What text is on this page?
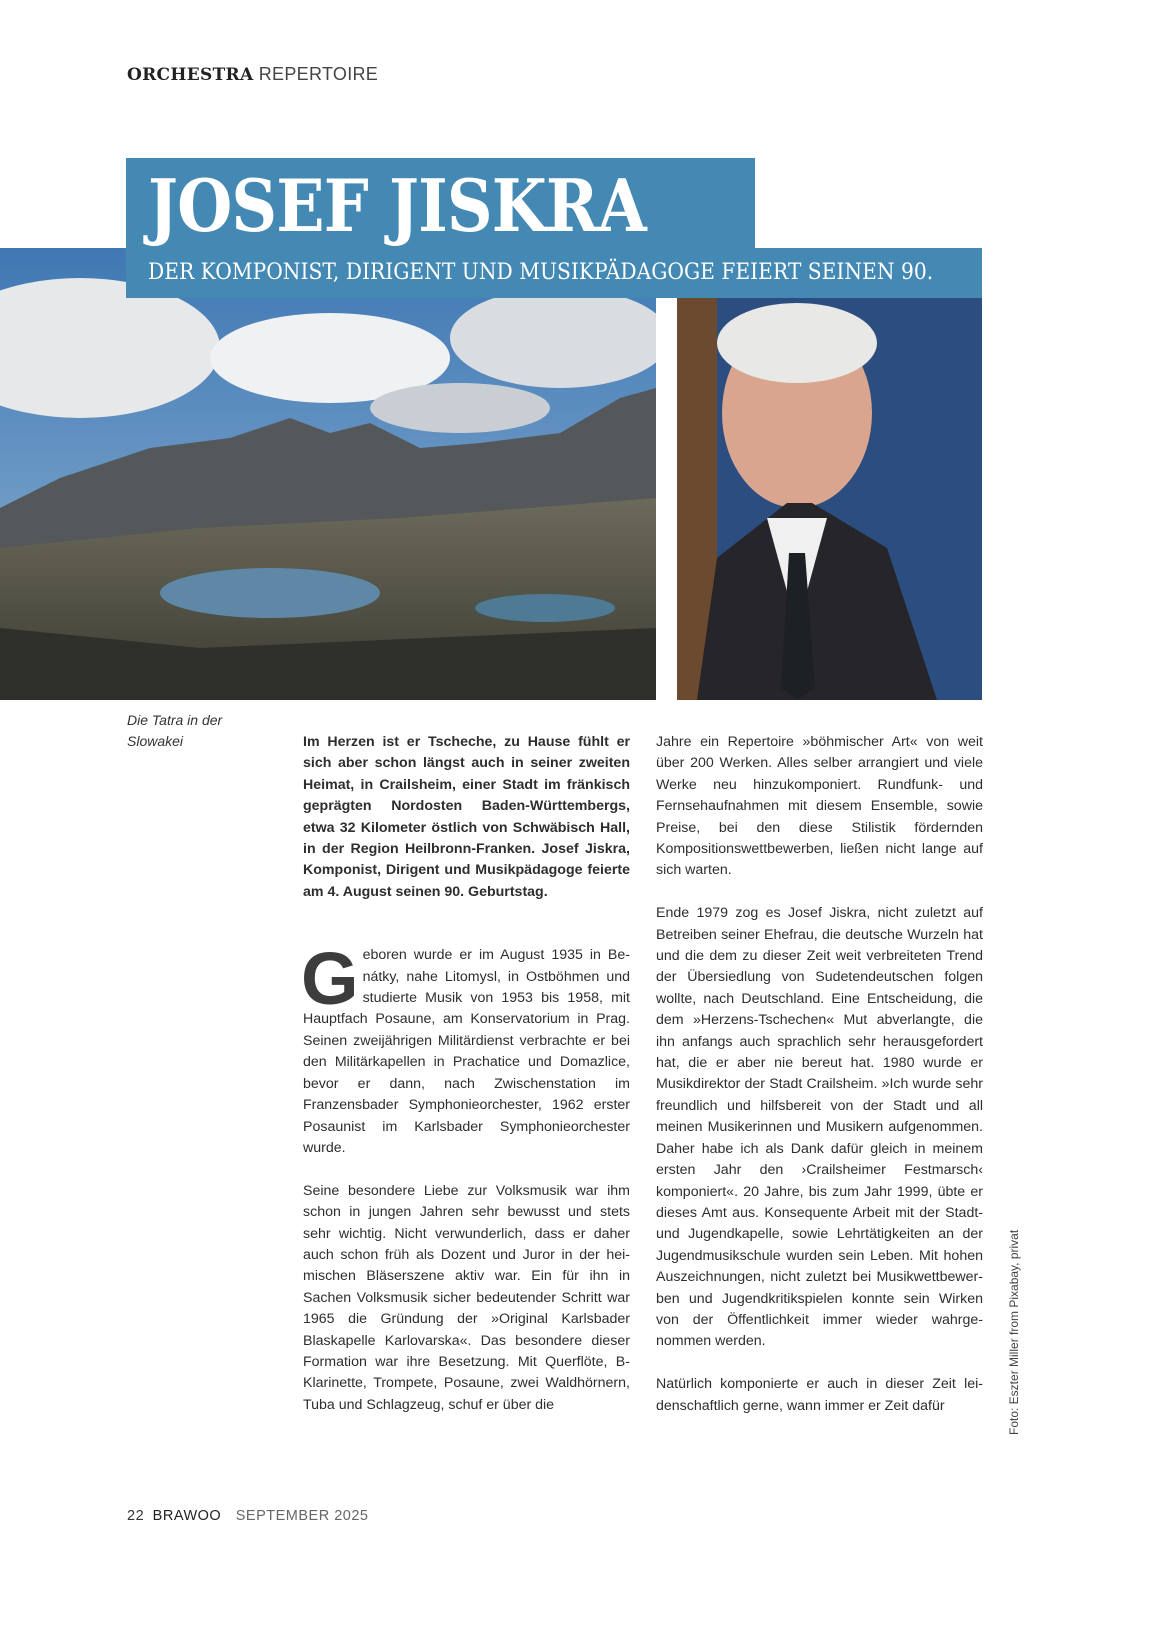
ORCHESTRA REPERTOIRE
JOSEF JISKRA
DER KOMPONIST, DIRIGENT UND MUSIKPÄDAGOGE FEIERT SEINEN 90.
Die Tatra in der Slowakei	Im Herzen ist er Tscheche, zu Hause fühlt er sich aber schon längst auch in seiner zweiten Heimat, in Crailsheim, einer Stadt im fränkisch geprägten Nordosten Baden-Württembergs, etwa 32 Kilometer östlich von Schwäbisch Hall, in der Region Heilbronn-Franken. Josef Jiskra, Komponist, Dirigent und Musikpädagoge feierte am 4. August seinen 90. Geburtstag.

Geboren wurde er im August 1935 in Benátky, nahe Litomysl, in Ostböhmen und studierte Musik von 1953 bis 1958, mit Hauptfach Posaune, am Konservatorium in Prag. Seinen zweijährigen Militärdienst verbrachte er bei den Militärkapellen in Prachatice und Domazlice, bevor er dann, nach Zwischenstation im Franzensbader Symphonieorchester, 1962 erster Posaunist im Karlsbader Symphonieorchester wurde.

Seine besondere Liebe zur Volksmusik war ihm schon in jungen Jahren sehr bewusst und stets sehr wichtig. Nicht verwunderlich, dass er daher auch schon früh als Dozent und Juror in der heimischen Bläserszene aktiv war. Ein für ihn in Sachen Volksmusik sicher bedeutender Schritt war 1965 die Gründung der »Original Karlsbader Blaskapelle Karlovarska«. Das besondere dieser Formation war ihre Besetzung. Mit Querflöte, B-Klarinette, Trompete, Posaune, zwei Waldhörnern, Tuba und Schlagzeug, schuf er über die

Jahre ein Repertoire »böhmischer Art« von weit über 200 Werken. Alles selber arrangiert und viele Werke neu hinzukomponiert. Rundfunk- und Fernsehaufnahmen mit diesem Ensemble, sowie Preise, bei den diese Stilistik fördernden Kompositionswettbewerben, ließen nicht lange auf sich warten.

Ende 1979 zog es Josef Jiskra, nicht zuletzt auf Betreiben seiner Ehefrau, die deutsche Wurzeln hat und die dem zu dieser Zeit weit verbreiteten Trend der Übersiedlung von Sudetendeutschen folgen wollte, nach Deutschland. Eine Entscheidung, die dem »Herzens-Tschechen« Mut abverlangte, die ihn anfangs auch sprachlich sehr herausgefordert hat, die er aber nie bereut hat. 1980 wurde er Musikdirektor der Stadt Crailsheim. »Ich wurde sehr freundlich und hilfsbereit von der Stadt und all meinen Musikerinnen und Musikern aufgenommen. Daher habe ich als Dank dafür gleich in meinem ersten Jahr den ›Crailsheimer Festmarsch‹ komponiert«. 20 Jahre, bis zum Jahr 1999, übte er dieses Amt aus. Konsequente Arbeit mit der Stadt- und Jugendkapelle, sowie Lehrtätigkeiten an der Jugendmusikschule wurden sein Leben. Mit hohen Auszeichnungen, nicht zuletzt bei Musikwettbewerben und Jugendkritikspielen konnte sein Wirken von der Öffentlichkeit immer wieder wahrgenommen werden.

Natürlich komponierte er auch in dieser Zeit leidenschaftlich gerne, wann immer er Zeit dafür	Foto: Eszter Miller from Pixabay, privat
22 BRAWOO SEPTEMBER 2025
